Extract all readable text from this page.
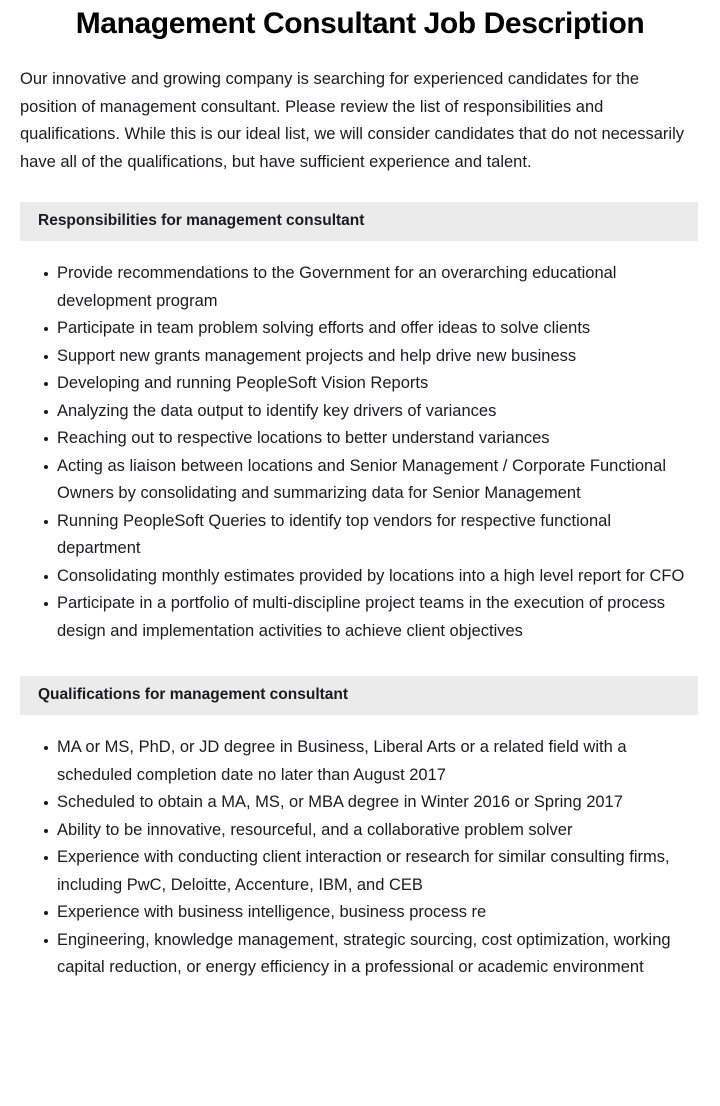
Management Consultant Job Description

Our innovative and growing company is searching for experienced candidates for the position of management consultant. Please review the list of responsibilities and qualifications. While this is our ideal list, we will consider candidates that do not necessarily have all of the qualifications, but have sufficient experience and talent.

Responsibilities for management consultant
Provide recommendations to the Government for an overarching educational development program
Participate in team problem solving efforts and offer ideas to solve clients
Support new grants management projects and help drive new business
Developing and running PeopleSoft Vision Reports
Analyzing the data output to identify key drivers of variances
Reaching out to respective locations to better understand variances
Acting as liaison between locations and Senior Management / Corporate Functional Owners by consolidating and summarizing data for Senior Management
Running PeopleSoft Queries to identify top vendors for respective functional department
Consolidating monthly estimates provided by locations into a high level report for CFO
Participate in a portfolio of multi-discipline project teams in the execution of process design and implementation activities to achieve client objectives
Qualifications for management consultant
MA or MS, PhD, or JD degree in Business, Liberal Arts or a related field with a scheduled completion date no later than August 2017
Scheduled to obtain a MA, MS, or MBA degree in Winter 2016 or Spring 2017
Ability to be innovative, resourceful, and a collaborative problem solver
Experience with conducting client interaction or research for similar consulting firms, including PwC, Deloitte, Accenture, IBM, and CEB
Experience with business intelligence, business process re
Engineering, knowledge management, strategic sourcing, cost optimization, working capital reduction, or energy efficiency in a professional or academic environment
